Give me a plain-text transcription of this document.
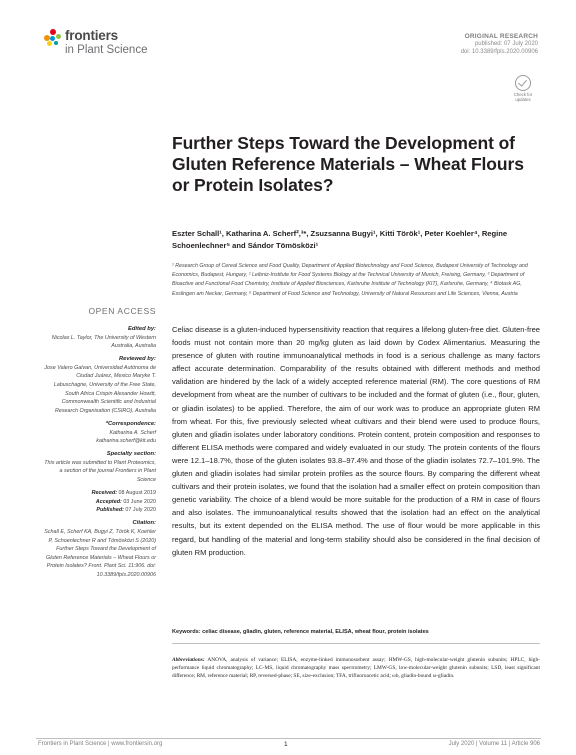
frontiers
in Plant Science
ORIGINAL RESEARCH
published: 07 July 2020
doi: 10.3389/fpls.2020.00906
Check for
updates
Further Steps Toward the Development of Gluten Reference Materials – Wheat Flours or Protein Isolates?
Eszter Schall¹, Katharina A. Scherf²,³*, Zsuzsanna Bugyi¹, Kitti Török¹, Peter Koehler⁴, Regine Schoenlechner⁵ and Sándor Tömösközi¹
¹ Research Group of Cereal Science and Food Quality, Department of Applied Biotechnology and Food Science, Budapest University of Technology and Economics, Budapest, Hungary, ² Leibniz-Institute for Food Systems Biology at the Technical University of Munich, Freising, Germany, ³ Department of Bioactive and Functional Food Chemistry, Institute of Applied Biosciences, Karlsruhe Institute of Technology (KIT), Karlsruhe, Germany, ⁴ Biotask AG, Esslingen am Neckar, Germany, ⁵ Department of Food Science and Technology, University of Natural Resources and Life Sciences, Vienna, Austria
OPEN ACCESS
Edited by:
Nicolas L. Taylor, The University of Western Australia, Australia
Reviewed by:
Jose Valero Galvan, Universidad Autónoma de Ciudad Juárez, Mexico Maryke T. Labuschagne, University of the Free State, South Africa Crispin Alexander Howitt, Commonwealth Scientific and Industrial Research Organisation (CSIRO), Australia
*Correspondence:
Katharina A. Scherf
katharina.scherf@kit.edu
Specialty section:
This article was submitted to Plant Proteomics, a section of the journal Frontiers in Plant Science
Received: 08 August 2019
Accepted: 03 June 2020
Published: 07 July 2020
Citation:
Schall E, Scherf KA, Bugyi Z, Török K, Koehler P, Schoenlechner R and Tömösközi S (2020) Further Steps Toward the Development of Gluten Reference Materials – Wheat Flours or Protein Isolates? Front. Plant Sci. 11:906. doi: 10.3389/fpls.2020.00906
Celiac disease is a gluten-induced hypersensitivity reaction that requires a lifelong gluten-free diet. Gluten-free foods must not contain more than 20 mg/kg gluten as laid down by Codex Alimentarius. Measuring the presence of gluten with routine immunoanalytical methods in food is a serious challenge as many factors affect accurate determination. Comparability of the results obtained with different methods and method validation are hindered by the lack of a widely accepted reference material (RM). The core questions of RM development from wheat are the number of cultivars to be included and the format of gluten (i.e., flour, gluten, or gliadin isolates) to be applied. Therefore, the aim of our work was to produce an appropriate gluten RM from wheat. For this, five previously selected wheat cultivars and their blend were used to produce flours, gluten and gliadin isolates under laboratory conditions. Protein content, protein composition and responses to different ELISA methods were compared and widely evaluated in our study. The protein contents of the flours were 12.1–18.7%, those of the gluten isolates 93.8–97.4% and those of the gliadin isolates 72.7–101.9%. The gluten and gliadin isolates had similar protein profiles as the source flours. By comparing the different wheat cultivars and their protein isolates, we found that the isolation had a smaller effect on protein composition than genetic variability. The choice of a blend would be more suitable for the production of a RM in case of flours and also isolates. The immunoanalytical results showed that the isolation had an effect on the analytical results, but its extent depended on the ELISA method. The use of flour would be more applicable in this regard, but handling of the material and long-term stability should also be considered in the final decision of gluten RM production.
Keywords: celiac disease, gliadin, gluten, reference material, ELISA, wheat flour, protein isolates
Abbreviations: ANOVA, analysis of variance; ELISA, enzyme-linked immunosorbent assay; HMW-GS, high-molecular-weight glutenin subunits; HPLC, high-performance liquid chromatography; LC-MS, liquid chromatography mass spectrometry; LMW-GS, low-molecular-weight glutenin subunits; LSD, least significant difference; RM, reference material; RP, reversed-phase; SE, size-exclusion; TFA, trifluoroacetic acid; ωb, gliadin-bound ω-gliadin.
Frontiers in Plant Science | www.frontiersin.org	1	July 2020 | Volume 11 | Article 906
